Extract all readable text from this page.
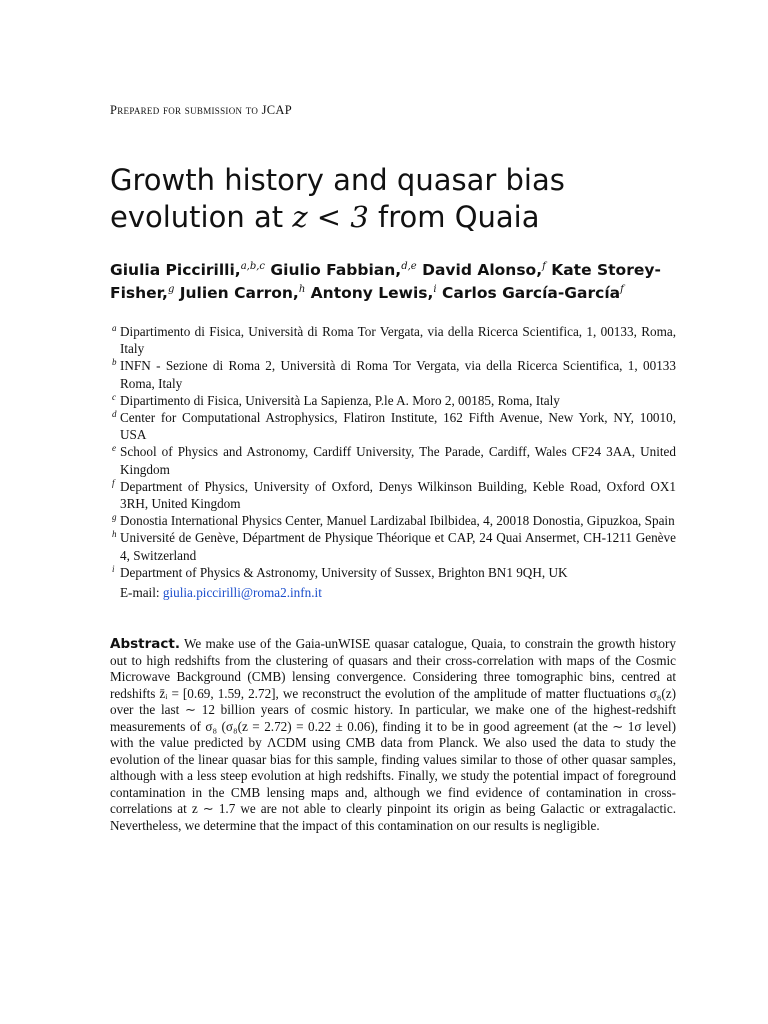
Prepared for submission to JCAP
Growth history and quasar bias
evolution at z < 3 from Quaia
Giulia Piccirilli,$^{a,b,c}$ Giulio Fabbian,$^{d,e}$ David Alonso,$^f$ Kate Storey-Fisher,$^g$ Julien Carron,$^h$ Antony Lewis,$^i$ Carlos García-García$^f$
a Dipartimento di Fisica, Università di Roma Tor Vergata, via della Ricerca Scientifica, 1, 00133, Roma, Italy
b INFN - Sezione di Roma 2, Università di Roma Tor Vergata, via della Ricerca Scientifica, 1, 00133 Roma, Italy
c Dipartimento di Fisica, Università La Sapienza, P.le A. Moro 2, 00185, Roma, Italy
d Center for Computational Astrophysics, Flatiron Institute, 162 Fifth Avenue, New York, NY, 10010, USA
e School of Physics and Astronomy, Cardiff University, The Parade, Cardiff, Wales CF24 3AA, United Kingdom
f Department of Physics, University of Oxford, Denys Wilkinson Building, Keble Road, Oxford OX1 3RH, United Kingdom
g Donostia International Physics Center, Manuel Lardizabal Ibilbidea, 4, 20018 Donostia, Gipuzkoa, Spain
h Université de Genève, Départment de Physique Théorique et CAP, 24 Quai Ansermet, CH-1211 Genève 4, Switzerland
i Department of Physics & Astronomy, University of Sussex, Brighton BN1 9QH, UK
E-mail: giulia.piccirilli@roma2.infn.it
Abstract. We make use of the Gaia-unWISE quasar catalogue, Quaia, to constrain the growth history out to high redshifts from the clustering of quasars and their cross-correlation with maps of the Cosmic Microwave Background (CMB) lensing convergence. Considering three tomographic bins, centred at redshifts z̄ᵢ = [0.69, 1.59, 2.72], we reconstruct the evolution of the amplitude of matter fluctuations σ₈(z) over the last ∼ 12 billion years of cosmic history. In particular, we make one of the highest-redshift measurements of σ₈ (σ₈(z = 2.72) = 0.22 ± 0.06), finding it to be in good agreement (at the ∼ 1σ level) with the value predicted by ΛCDM using CMB data from Planck. We also used the data to study the evolution of the linear quasar bias for this sample, finding values similar to those of other quasar samples, although with a less steep evolution at high redshifts. Finally, we study the potential impact of foreground contamination in the CMB lensing maps and, although we find evidence of contamination in cross-correlations at z ∼ 1.7 we are not able to clearly pinpoint its origin as being Galactic or extragalactic. Nevertheless, we determine that the impact of this contamination on our results is negligible.
